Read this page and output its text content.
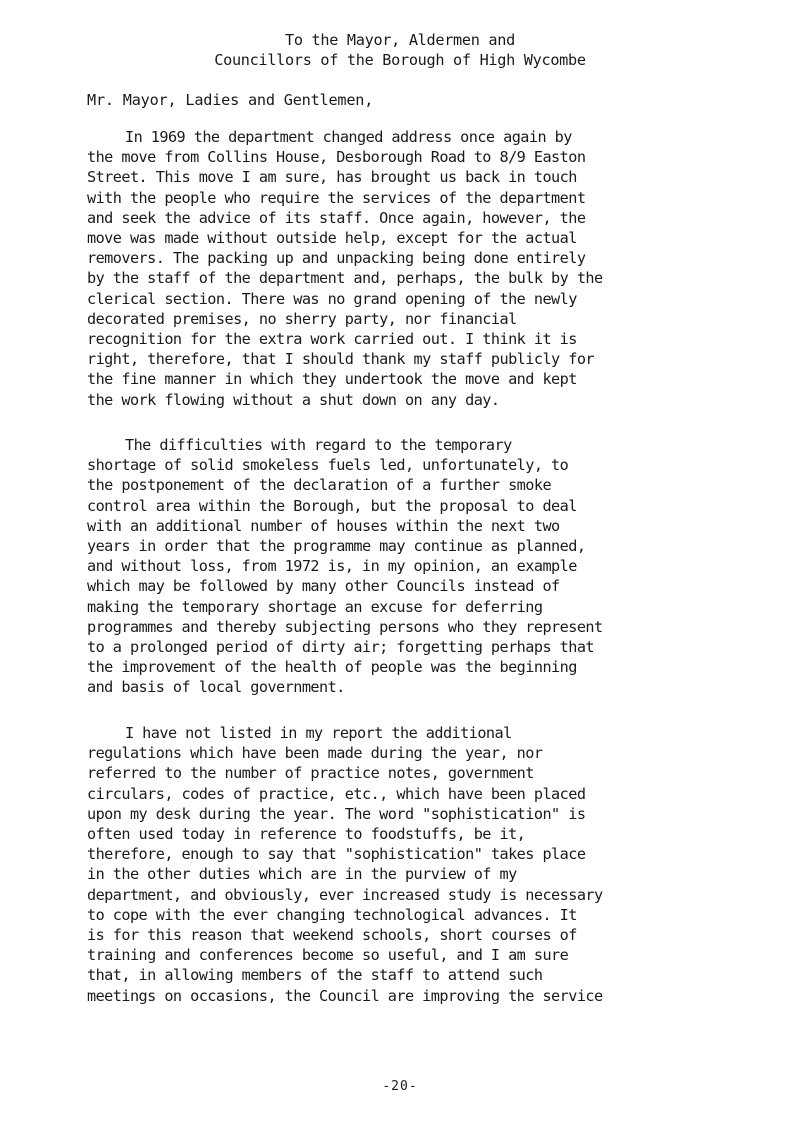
To the Mayor, Aldermen and
Councillors of the Borough of High Wycombe
Mr. Mayor, Ladies and Gentlemen,
In 1969 the department changed address once again by
the move from Collins House, Desborough Road to 8/9 Easton
Street. This move I am sure, has brought us back in touch
with the people who require the services of the department
and seek the advice of its staff. Once again, however, the
move was made without outside help, except for the actual
removers. The packing up and unpacking being done entirely
by the staff of the department and, perhaps, the bulk by the
clerical section. There was no grand opening of the newly
decorated premises, no sherry party, nor financial
recognition for the extra work carried out. I think it is
right, therefore, that I should thank my staff publicly for
the fine manner in which they undertook the move and kept
the work flowing without a shut down on any day.
The difficulties with regard to the temporary
shortage of solid smokeless fuels led, unfortunately, to
the postponement of the declaration of a further smoke
control area within the Borough, but the proposal to deal
with an additional number of houses within the next two
years in order that the programme may continue as planned,
and without loss, from 1972 is, in my opinion, an example
which may be followed by many other Councils instead of
making the temporary shortage an excuse for deferring
programmes and thereby subjecting persons who they represent
to a prolonged period of dirty air; forgetting perhaps that
the improvement of the health of people was the beginning
and basis of local government.
I have not listed in my report the additional
regulations which have been made during the year, nor
referred to the number of practice notes, government
circulars, codes of practice, etc., which have been placed
upon my desk during the year. The word "sophistication" is
often used today in reference to foodstuffs, be it,
therefore, enough to say that "sophistication" takes place
in the other duties which are in the purview of my
department, and obviously, ever increased study is necessary
to cope with the ever changing technological advances. It
is for this reason that weekend schools, short courses of
training and conferences become so useful, and I am sure
that, in allowing members of the staff to attend such
meetings on occasions, the Council are improving the service
-20-
